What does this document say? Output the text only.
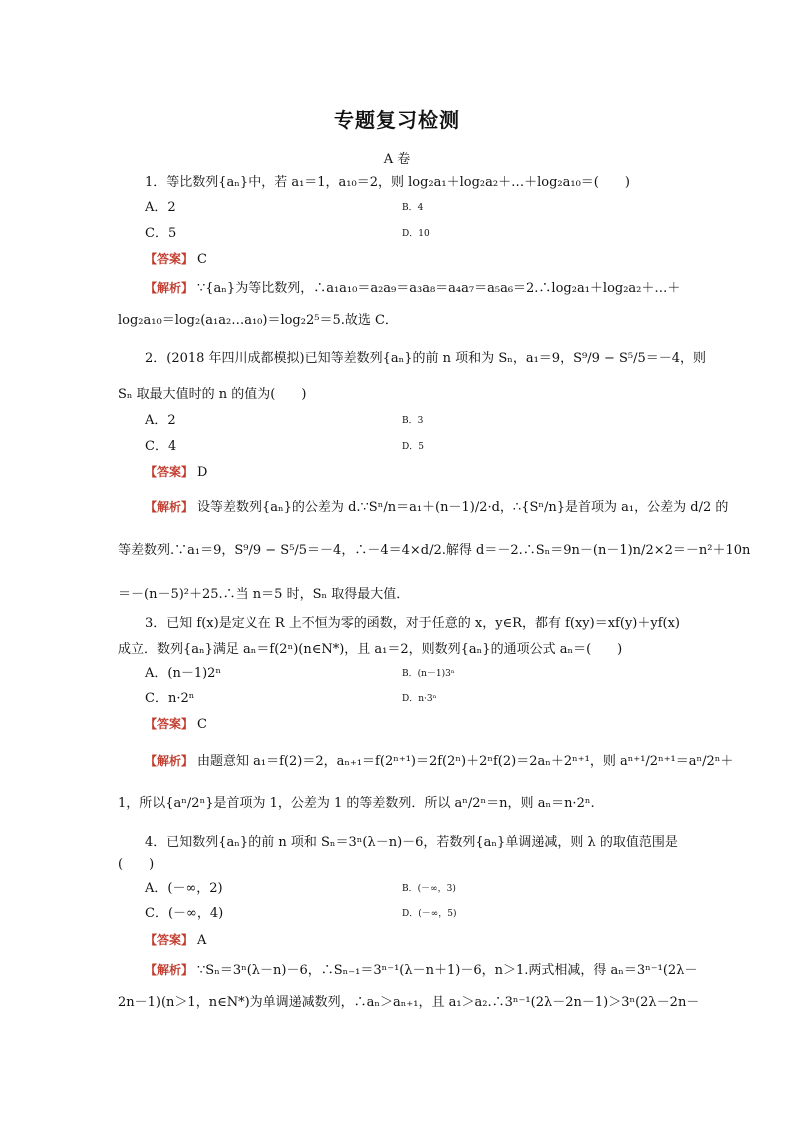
专题复习检测
A 卷
1．等比数列{aₙ}中，若 a₁＝1，a₁₀＝2，则 log₂a₁＋log₂a₂＋…＋log₂a₁₀＝(　　)
A．2	B．4
C．5	D．10
【答案】 C
【解析】 ∵{aₙ}为等比数列，∴a₁a₁₀＝a₂a₉＝a₃a₈＝a₄a₇＝a₅a₆＝2.∴log₂a₁＋log₂a₂＋…＋
log₂a₁₀＝log₂(a₁a₂…a₁₀)＝log₂2⁵＝5.故选 C．
2．(2018 年四川成都模拟)已知等差数列{aₙ}的前 n 项和为 Sₙ，a₁＝9，S⁹/9 − S⁵/5＝－4，则
Sₙ 取最大值时的 n 的值为(　　)
A．2	B．3
C．4	D．5
【答案】 D
【解析】 设等差数列{aₙ}的公差为 d.∵Sⁿ/n＝a₁＋(n－1)/2·d，∴{Sⁿ/n}是首项为 a₁，公差为 d/2 的
等差数列.∵a₁＝9，S⁹/9 − S⁵/5＝－4，∴－4＝4×d/2.解得 d＝－2.∴Sₙ＝9n－(n－1)n/2×2＝－n²＋10n
＝－(n－5)²＋25.∴当 n＝5 时，Sₙ 取得最大值．
3．已知 f(x)是定义在 R 上不恒为零的函数，对于任意的 x，y∈R，都有 f(xy)＝xf(y)＋yf(x)
成立．数列{aₙ}满足 aₙ＝f(2ⁿ)(n∈N*)，且 a₁＝2，则数列{aₙ}的通项公式 aₙ＝(　　)
A．(n－1)2ⁿ	B．(n－1)3ⁿ
C．n·2ⁿ	D．n·3ⁿ
【答案】 C
【解析】 由题意知 a₁＝f(2)＝2，aₙ₊₁＝f(2ⁿ⁺¹)＝2f(2ⁿ)＋2ⁿf(2)＝2aₙ＋2ⁿ⁺¹，则 aⁿ⁺¹/2ⁿ⁺¹＝aⁿ/2ⁿ＋
1，所以{aⁿ/2ⁿ}是首项为 1，公差为 1 的等差数列．所以 aⁿ/2ⁿ＝n，则 aₙ＝n·2ⁿ.
4．已知数列{aₙ}的前 n 项和 Sₙ＝3ⁿ(λ－n)－6，若数列{aₙ}单调递减，则 λ 的取值范围是
(　　)
A．(－∞，2)	B．(－∞，3)
C．(－∞，4)	D．(－∞，5)
【答案】 A
【解析】 ∵Sₙ＝3ⁿ(λ－n)－6，∴Sₙ₋₁＝3ⁿ⁻¹(λ－n＋1)－6，n＞1.两式相减，得 aₙ＝3ⁿ⁻¹(2λ－
2n－1)(n＞1，n∈N*)为单调递减数列，∴aₙ＞aₙ₊₁，且 a₁＞a₂.∴3ⁿ⁻¹(2λ－2n－1)＞3ⁿ(2λ－2n－
